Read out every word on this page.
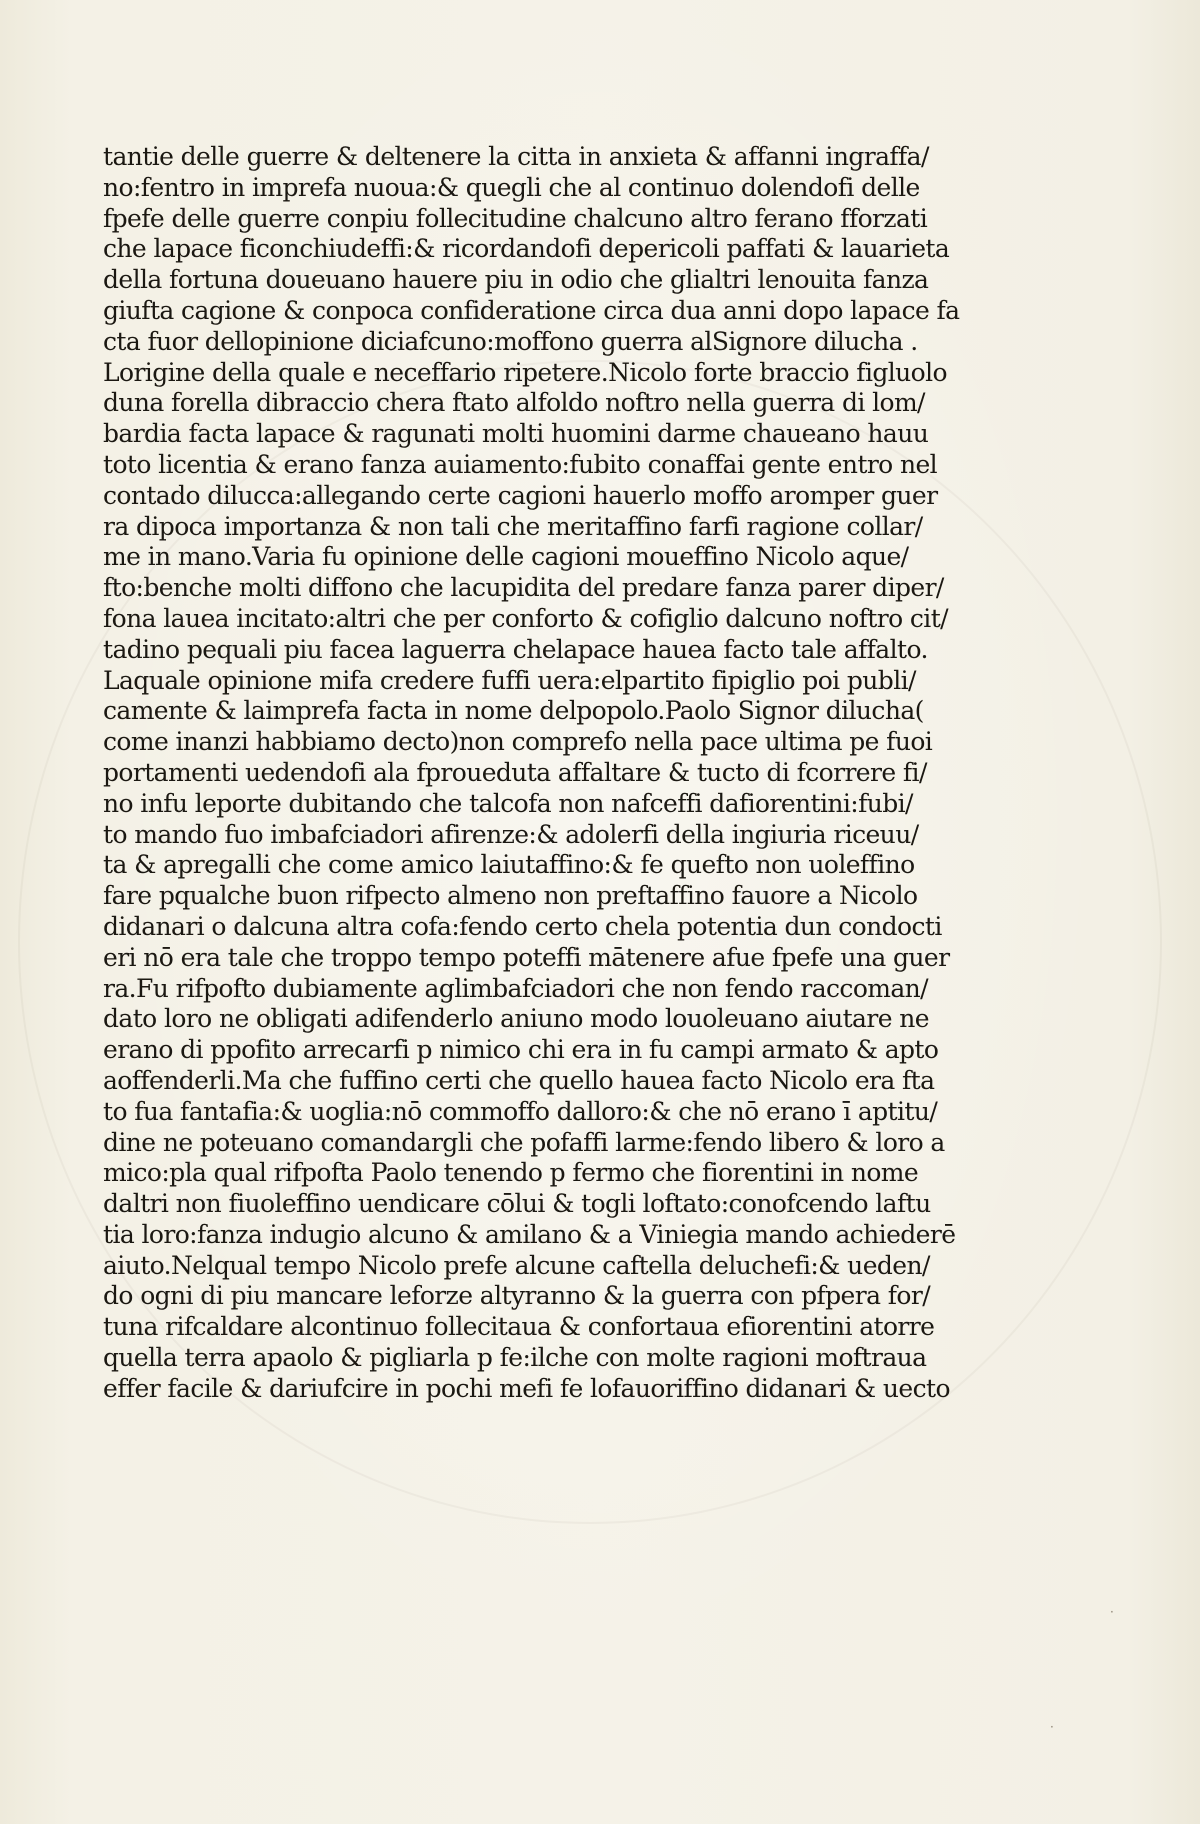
tantie delle guerre & deltenere la citta in anxieta & affanni ingraffa/
no:fentro in imprefa nuoua:& quegli che al continuo dolendofi delle
fpefe delle guerre conpiu follecitudine chalcuno altro ferano fforzati
che lapace ficonchiudeffi:& ricordandofi depericoli paffati & lauarieta
della fortuna doueuano hauere piu in odio che glialtri lenouita fanza
giufta cagione & conpoca confideratione circa dua anni dopo lapace fa
cta fuor dellopinione diciafcuno:moffono guerra alSignore dilucha .
Lorigine della quale e neceffario ripetere.Nicolo forte braccio figluolo
duna forella dibraccio chera ftato alfoldo noftro nella guerra di lom/
bardia facta lapace & ragunati molti huomini darme chaueano hauu
toto licentia & erano fanza auiamento:fubito conaffai gente entro nel
contado dilucca:allegando certe cagioni hauerlo moffo aromper guer
ra dipoca importanza & non tali che meritaffino farfi ragione collar/
me in mano.Varia fu opinione delle cagioni moueffino Nicolo aque/
fto:benche molti diffono che lacupidita del predare fanza parer diper/
fona lauea incitato:altri che per conforto & cofiglio dalcuno noftro cit/
tadino pequali piu facea laguerra chelapace hauea facto tale affalto.
Laquale opinione mifa credere fuffi uera:elpartito fipiglio poi publi/
camente & laimprefa facta in nome delpopolo.Paolo Signor dilucha(
come inanzi habbiamo decto)non comprefo nella pace ultima pe fuoi
portamenti uedendofi ala fproueduta affaltare & tucto di fcorrere fi/
no infu leporte dubitando che talcofa non nafceffi dafiorentini:fubi/
to mando fuo imbafciadori afirenze:& adolerfi della ingiuria riceuu/
ta & apregalli che come amico laiutaffino:& fe quefto non uoleffino
fare pqualche buon rifpecto almeno non preftaffino fauore a Nicolo
didanari o dalcuna altra cofa:fendo certo chela potentia dun condocti
eri nō era tale che troppo tempo poteffi mātenere afue fpefe una guer
ra.Fu rifpofto dubiamente aglimbafciadori che non fendo raccoman/
dato loro ne obligati adifenderlo aniuno modo louoleuano aiutare ne
erano di ppofito arrecarfi p nimico chi era in fu campi armato & apto
aoffenderli.Ma che fuffino certi che quello hauea facto Nicolo era fta
to fua fantafia:& uoglia:nō commoffo dalloro:& che nō erano ī aptitu/
dine ne poteuano comandargli che pofaffi larme:fendo libero & loro a
mico:pla qual rifpofta Paolo tenendo p fermo che fiorentini in nome
daltri non fiuoleffino uendicare cōlui & togli loftato:conofcendo laftu
tia loro:fanza indugio alcuno & amilano & a Viniegia mando achiederē
aiuto.Nelqual tempo Nicolo prefe alcune caftella deluchefi:& ueden/
do ogni di piu mancare leforze altyranno & la guerra con pfpera for/
tuna rifcaldare alcontinuo follecitaua & confortaua efiorentini atorre
quella terra apaolo & pigliarla p fe:ilche con molte ragioni moftraua
effer facile & dariufcire in pochi mefi fe lofauoriffino didanari & uecto
·
·
